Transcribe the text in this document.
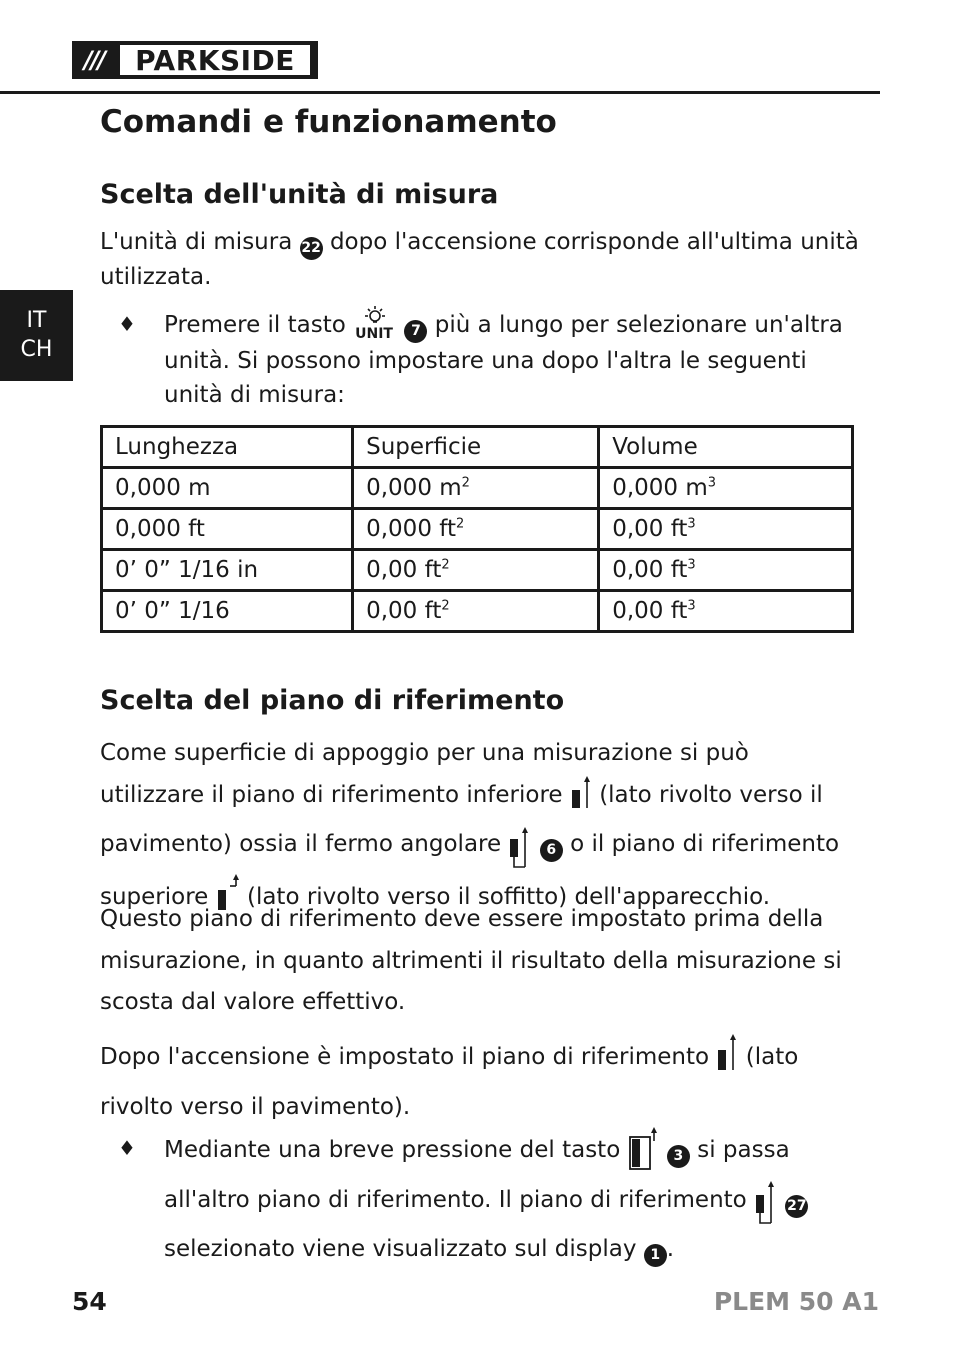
///	PARKSIDE
IT
CH
Comandi e funzionamento
Scelta dell'unità di misura

L'unità di misura 22 dopo l'accensione corrisponde all'ultima unità utilizzata.

♦ Premere il tasto UNIT 7 più a lungo per selezionare un'altra unità. Si possono impostare una dopo l'altra le seguenti unità di misura:

Lunghezza	Superficie	Volume
0,000 m	0,000 $m^2$	0,000 $m^3$
0,000 ft	0,000 $ft^2$	0,00 $ft^3$
0’ 0” 1/16 in	0,00 $ft^2$	0,00 $ft^3$
0’ 0” 1/16	0,00 $ft^2$	0,00 $ft^3$
Scelta del piano di riferimento

Come superficie di appoggio per una misurazione si può utilizzare il piano di riferimento inferiore (lato rivolto verso il pavimento) ossia il fermo angolare	6 o il piano di riferimento superiore (lato rivolto verso il soffitto) dell'apparecchio.

Questo piano di riferimento deve essere impostato prima della misurazione, in quanto altrimenti il risultato della misurazione si scosta dal valore effettivo.

Dopo l'accensione è impostato il piano di riferimento (lato rivolto verso il pavimento).

♦ Mediante una breve pressione del tasto	3 si passa all'altro piano di riferimento. Il piano di riferimento	27 selezionato viene visualizzato sul display 1 .

54	PLEM 50 A1
